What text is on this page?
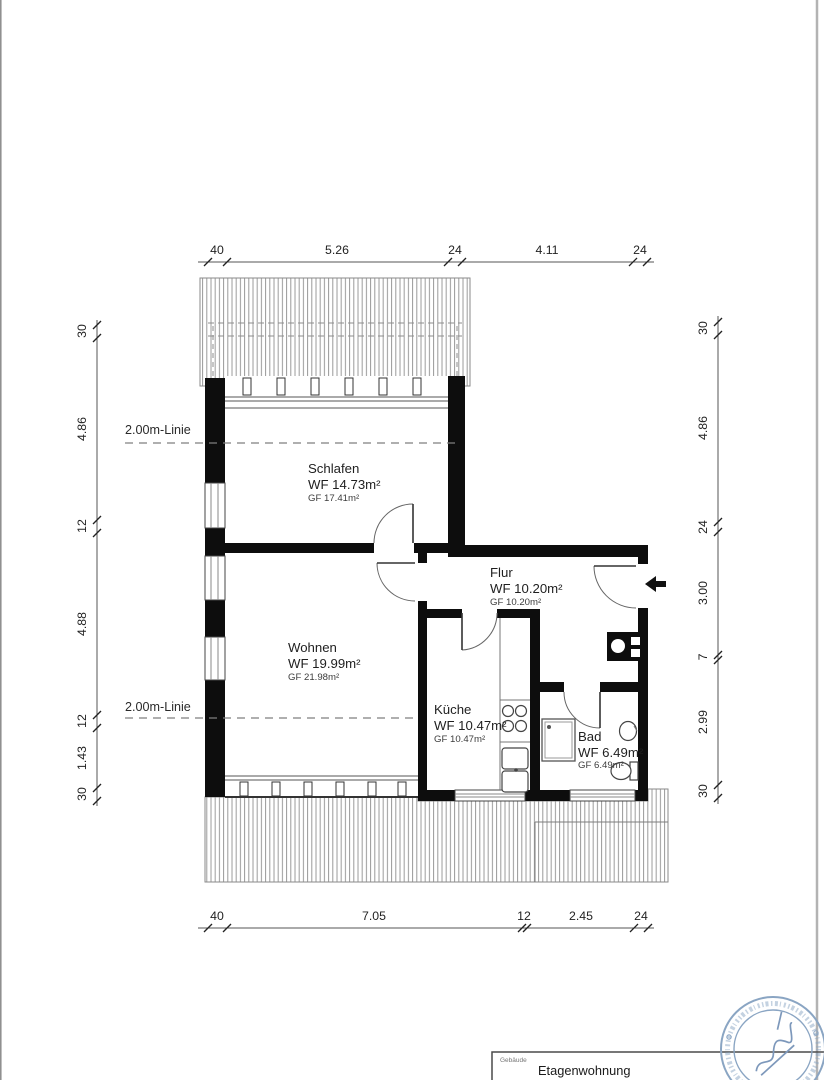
2.00m-Linie
2.00m-Linie
Schlafen
WF 14.73m²
GF 17.41m²
Wohnen
WF 19.99m²
GF 21.98m²
Flur
WF 10.20m²
GF 10.20m²
Küche
WF 10.47m²
GF 10.47m²	Bad
WF 6.49m²
GF 6.49m²
40	5.26	24	4.11	24
40	7.05	12	2.45	24
30
4.86
12
4.88
12
1.43
30
30
4.86
24
3.00
7
2.99
30
Gebäude
Etagenwohnung
